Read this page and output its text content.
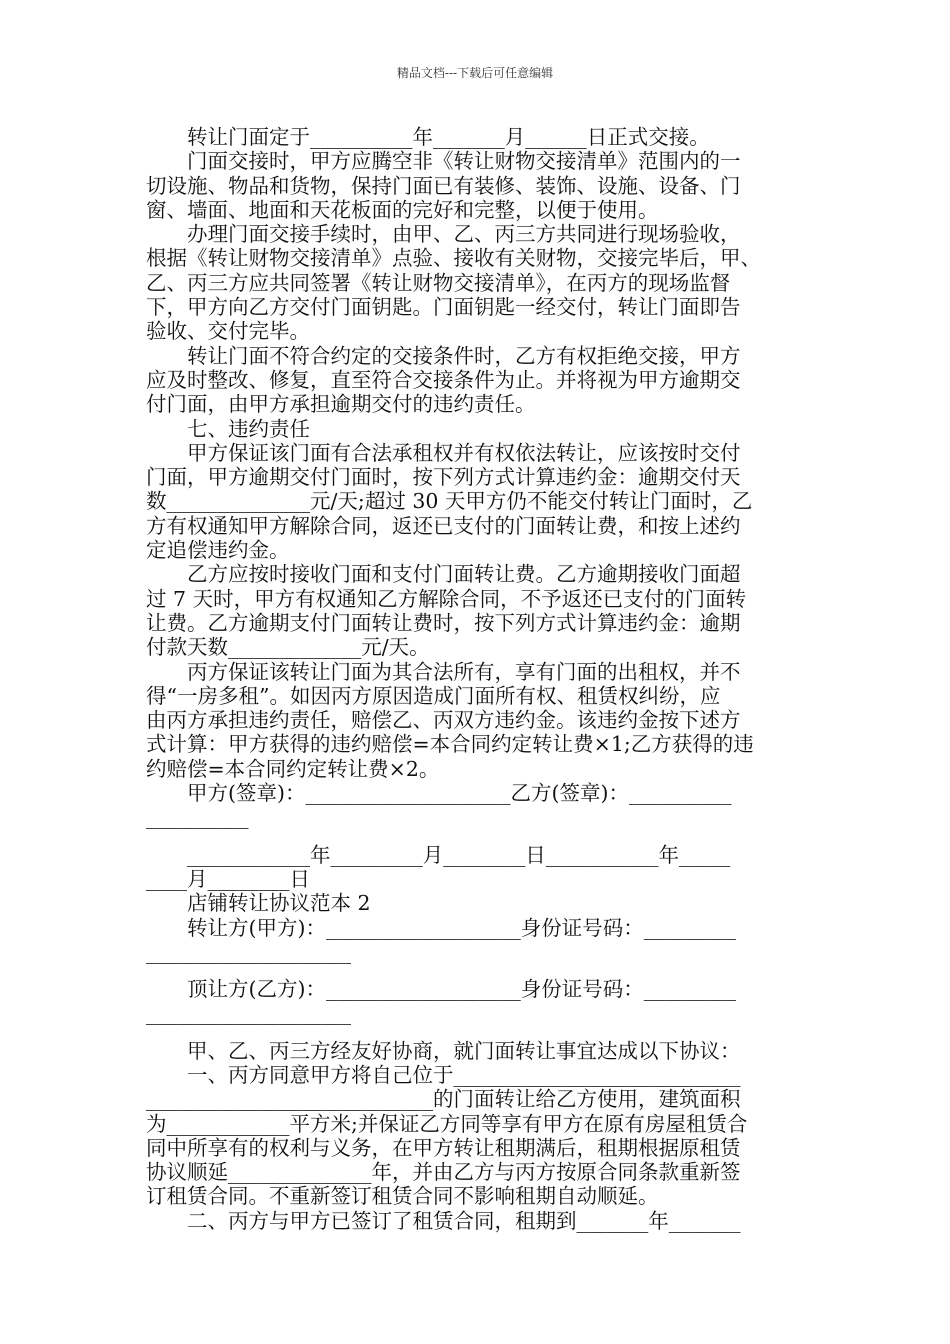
精品文档---下载后可任意编辑
　　转让门面定于__________年_______月______日正式交接。
　　门面交接时，甲方应腾空非《转让财物交接清单》范围内的一
切设施、物品和货物，保持门面已有装修、装饰、设施、设备、门
窗、墙面、地面和天花板面的完好和完整，以便于使用。
　　办理门面交接手续时，由甲、乙、丙三方共同进行现场验收，
根据《转让财物交接清单》点验、接收有关财物，交接完毕后，甲、
乙、丙三方应共同签署《转让财物交接清单》，在丙方的现场监督
下，甲方向乙方交付门面钥匙。门面钥匙一经交付，转让门面即告
验收、交付完毕。
　　转让门面不符合约定的交接条件时，乙方有权拒绝交接，甲方
应及时整改、修复，直至符合交接条件为止。并将视为甲方逾期交
付门面，由甲方承担逾期交付的违约责任。
　　七、违约责任
　　甲方保证该门面有合法承租权并有权依法转让，应该按时交付
门面，甲方逾期交付门面时，按下列方式计算违约金：逾期交付天
数______________元/天;超过 30 天甲方仍不能交付转让门面时，乙
方有权通知甲方解除合同，返还已支付的门面转让费，和按上述约
定追偿违约金。
　　乙方应按时接收门面和支付门面转让费。乙方逾期接收门面超
过 7 天时，甲方有权通知乙方解除合同，不予返还已支付的门面转
让费。乙方逾期支付门面转让费时，按下列方式计算违约金：逾期
付款天数_____________元/天。
　　丙方保证该转让门面为其合法所有，享有门面的出租权，并不
得“一房多租”。如因丙方原因造成门面所有权、租赁权纠纷，应
由丙方承担违约责任，赔偿乙、丙双方违约金。该违约金按下述方
式计算：甲方获得的违约赔偿=本合同约定转让费×1;乙方获得的违
约赔偿=本合同约定转让费×2。
　　甲方(签章)：____________________乙方(签章)：__________
__________
　　____________年_________月________日___________年_____
____月________日
　　店铺转让协议范本 2
　　转让方(甲方)：___________________身份证号码：_________
____________________
　　顶让方(乙方)：___________________身份证号码：_________
____________________
　　甲、乙、丙三方经友好协商，就门面转让事宜达成以下协议：
　　一、丙方同意甲方将自己位于____________________________
____________________________的门面转让给乙方使用，建筑面积
为____________平方米;并保证乙方同等享有甲方在原有房屋租赁合
同中所享有的权利与义务，在甲方转让租期满后，租期根据原租赁
协议顺延______________年，并由乙方与丙方按原合同条款重新签
订租赁合同。不重新签订租赁合同不影响租期自动顺延。
　　二、丙方与甲方已签订了租赁合同，租期到_______年_______
